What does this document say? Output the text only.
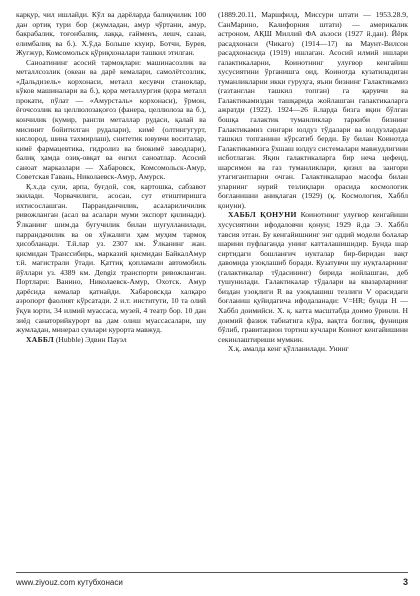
карқур, чил ишлайди. Кўл ва дарёларда балиқчилик 100 дан ортиқ тури бор (жумладан, амур чўртани, амур, бакрабалик, тоғонбалиқ, лаққа, ғайменъ, лешч, сазан, елимбалиқ ва б.). Х.ў.да Больше кхуир, Ботчи, Бурея, Жугжур, Комсомольск қўриқхоналари ташкил этилган.

Саноатининг асосий тармоқлари: машинасозлик ва металлсозлик (океан ва дарё кемалари, самолётсозлик, «Дальдизель» корхонаси, металл кесувчи станоклар, кўков машиналари ва б.), қора металлургия (қора металл прокати, пўлат — «Амурсталь» корхонаси), ўрмон, ёғочсозлик ва целлюлозақоғоз (фанера, целлюлоза ва б.), кончилик (кумир, рангли металлар рудаси, қалай ва мисинит бойитилган рудалари), кимё (олтингугурт, кислород, шина тахмирлаш), снитетик ювувчи воситалар, кимё фармацевтика, гидролиз ва биокимё заводлари), балиқ ҳамда озиқ-овқат ва енгил саноатлар. Асосий саноат марказлари — Хабаровск, Комсомольск-Амур, Советская Гавань, Николаевск-Амур, Амурск.

Қ.х.да сули, арпа, буғдой, соя, картошка, сабзавот экилади. Чорвачилиги, асосан, сут етиштиришга ихтисослашган. Парранданчилик, асалариличилик ривожланган (асал ва асалари муми экспорт қилинади). Ўлканинг шим.да бугучилик билан шуғулланилади, паррандачилик ва ов хўжалиги ҳам муҳим тармоқ ҳисобланади. Т.й.лар уз. 2307 км. Ўлканинг жан. қисмидан Транссибирь, марказий қисмидан БайкалАмур т.й. магистрали ўтади. Қаттиқ қопламали автомобиль йўллари уз. 4389 км. Дengiz транспорти ривожланган. Портлари: Ванино, Николаевск-Амур, Охотск. Амур дарёсида кемалар қатнайди. Хабаровскда халқаро аэропорт фаолият кўрсатади. 2 и.т. институти, 10 та олий ўқув юрти, 34 илмий муассаса, музей, 4 театр бор. 10 дан зиёд санаторийкурорт ва дам олиш муассасалари, шу жумладан, минерал сувлари курорта мавжуд.

ХАББЛ (Hubble) Эдвин Пауэл

(1889.20.11, Маршфилд, Миссури штати — 1953.28.9, СанМарино, Калифорния штати) — америкалик астроном, АҚШ Миллий ФА аъзоси (1927 й.дан). Йёрк расадхонаси (Чикаго) (1914—17) ва Маунт-Вилсон расадхонасида (1919) ишлаган. Асосий илмий ишлари галактикаларни, Коинотнинг улуғвор кенгайиш хусусиятини ўрганишга оид. Коинотда кузатиладиган туманликларни икки гуруҳга, яъни бизнинг Галактикамиз (газтанглан ташкил топган) га қарувчи ва Галактикамиздан ташқарида жойлашган галактикаларга ажратди (1922). 1924—26 й.ларда бизга яқин бўлган бошқа галактик туманликлар таркиби бизнинг Галактикамиз сингари юлдуз тўдалари ва юлдузлардан ташкил топганини кўрсатиб берди. Бу билан Коинотда Галактикамизга ўхшаш юлдуз системалари мавжудлигини исботлаган. Яқин галактикаларга бир неча цефеид, шарсимон ва газ туманликлари, қизил ва зангори утагигантларни очган. Галактикаларао масофа билан уларнинг нурий тезлиқлари орасида космологик боғланишни аниқлаган (1929) (қ. Космология, Хаббл қонуни).

ХАББЛ ҚОНУНИ Коинотнинг улуғвор кенгайиши хусусиятини ифодаловчи қонун; 1929 й.да Э. Хаббл тавсия этган. Бу кенгайишнинг энг оддий модели болалар шарини пуфлаганда унинг катталашишидир. Бунда шар сиртидаги бошланғич нукталар бир-биридан вақт давомида узоқлашиб боради. Кузатувчи шу нуқталарнинг (галактикалар тўдасининг) бирида жойлашган, деб тушунилади. Галактикалар тўдалари ва квазарларнинг биздан узоқлиги R ва узоқлашиш тезлиги V орасидаги боғланиш қуйидагича ифодаланади: V=HR; бунда H — Хаббл доимийси. Х. қ. катта масштабда доимо ўринли. Н доимий фазиж табиатига кўра, вақтга боғлиқ, фуниция бўлиб, гравитацион тортиш кучлари Коинот кенгайишини секинлаштириши мумкин.

Х.қ. амалда кенг қўлланилади. Унинг

www.ziyouz.com кутубхонаси	3
